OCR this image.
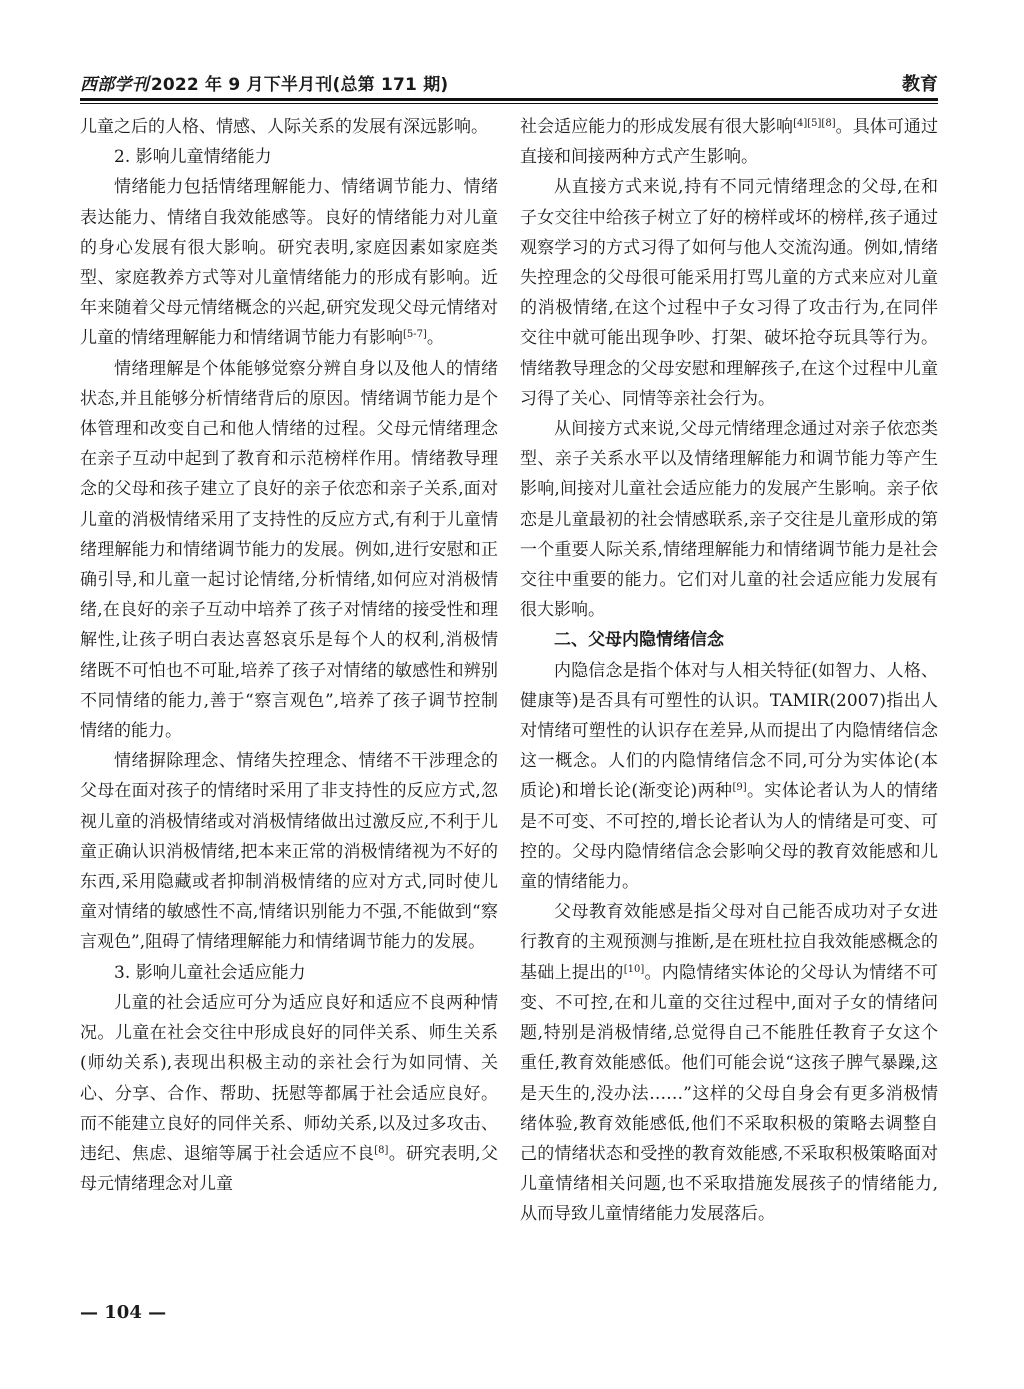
西部学刊 2022 年 9 月下半月刊(总第 171 期)	教育

儿童之后的人格、情感、人际关系的发展有深远影响。

2. 影响儿童情绪能力

情绪能力包括情绪理解能力、情绪调节能力、情绪表达能力、情绪自我效能感等。良好的情绪能力对儿童的身心发展有很大影响。研究表明,家庭因素如家庭类型、家庭教养方式等对儿童情绪能力的形成有影响。近年来随着父母元情绪概念的兴起,研究发现父母元情绪对儿童的情绪理解能力和情绪调节能力有影响[5-7]。

情绪理解是个体能够觉察分辨自身以及他人的情绪状态,并且能够分析情绪背后的原因。情绪调节能力是个体管理和改变自己和他人情绪的过程。父母元情绪理念在亲子互动中起到了教育和示范榜样作用。情绪教导理念的父母和孩子建立了良好的亲子依恋和亲子关系,面对儿童的消极情绪采用了支持性的反应方式,有利于儿童情绪理解能力和情绪调节能力的发展。例如,进行安慰和正确引导,和儿童一起讨论情绪,分析情绪,如何应对消极情绪,在良好的亲子互动中培养了孩子对情绪的接受性和理解性,让孩子明白表达喜怒哀乐是每个人的权利,消极情绪既不可怕也不可耻,培养了孩子对情绪的敏感性和辨别不同情绪的能力,善于“察言观色”,培养了孩子调节控制情绪的能力。

情绪摒除理念、情绪失控理念、情绪不干涉理念的父母在面对孩子的情绪时采用了非支持性的反应方式,忽视儿童的消极情绪或对消极情绪做出过激反应,不利于儿童正确认识消极情绪,把本来正常的消极情绪视为不好的东西,采用隐藏或者抑制消极情绪的应对方式,同时使儿童对情绪的敏感性不高,情绪识别能力不强,不能做到“察言观色”,阻碍了情绪理解能力和情绪调节能力的发展。

3. 影响儿童社会适应能力

儿童的社会适应可分为适应良好和适应不良两种情况。儿童在社会交往中形成良好的同伴关系、师生关系(师幼关系),表现出积极主动的亲社会行为如同情、关心、分享、合作、帮助、抚慰等都属于社会适应良好。而不能建立良好的同伴关系、师幼关系,以及过多攻击、违纪、焦虑、退缩等属于社会适应不良[8]。研究表明,父母元情绪理念对儿童

社会适应能力的形成发展有很大影响[4][5][8]。具体可通过直接和间接两种方式产生影响。

从直接方式来说,持有不同元情绪理念的父母,在和子女交往中给孩子树立了好的榜样或坏的榜样,孩子通过观察学习的方式习得了如何与他人交流沟通。例如,情绪失控理念的父母很可能采用打骂儿童的方式来应对儿童的消极情绪,在这个过程中子女习得了攻击行为,在同伴交往中就可能出现争吵、打架、破坏抢夺玩具等行为。情绪教导理念的父母安慰和理解孩子,在这个过程中儿童习得了关心、同情等亲社会行为。

从间接方式来说,父母元情绪理念通过对亲子依恋类型、亲子关系水平以及情绪理解能力和调节能力等产生影响,间接对儿童社会适应能力的发展产生影响。亲子依恋是儿童最初的社会情感联系,亲子交往是儿童形成的第一个重要人际关系,情绪理解能力和情绪调节能力是社会交往中重要的能力。它们对儿童的社会适应能力发展有很大影响。

二、父母内隐情绪信念

内隐信念是指个体对与人相关特征(如智力、人格、健康等)是否具有可塑性的认识。TAMIR(2007)指出人对情绪可塑性的认识存在差异,从而提出了内隐情绪信念这一概念。人们的内隐情绪信念不同,可分为实体论(本质论)和增长论(渐变论)两种[9]。实体论者认为人的情绪是不可变、不可控的,增长论者认为人的情绪是可变、可控的。父母内隐情绪信念会影响父母的教育效能感和儿童的情绪能力。

父母教育效能感是指父母对自己能否成功对子女进行教育的主观预测与推断,是在班杜拉自我效能感概念的基础上提出的[10]。内隐情绪实体论的父母认为情绪不可变、不可控,在和儿童的交往过程中,面对子女的情绪问题,特别是消极情绪,总觉得自己不能胜任教育子女这个重任,教育效能感低。他们可能会说“这孩子脾气暴躁,这是天生的,没办法……”这样的父母自身会有更多消极情绪体验,教育效能感低,他们不采取积极的策略去调整自己的情绪状态和受挫的教育效能感,不采取积极策略面对儿童情绪相关问题,也不采取措施发展孩子的情绪能力,从而导致儿童情绪能力发展落后。

— 104 —
